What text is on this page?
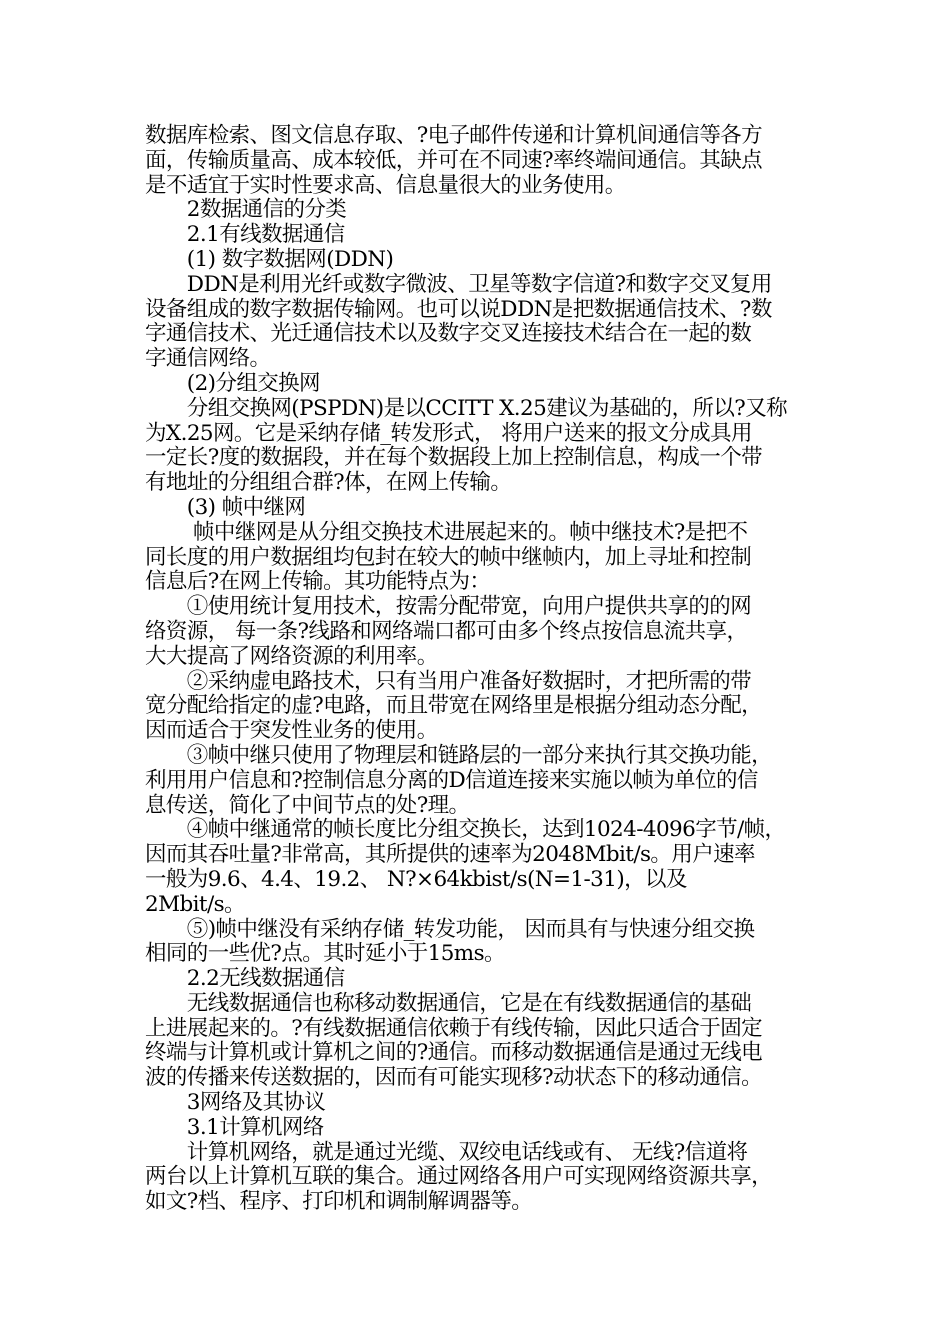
数据库检索、图文信息存取、?电子邮件传递和计算机间通信等各方
面，传输质量高、成本较低，并可在不同速?率终端间通信。其缺点
是不适宜于实时性要求高、信息量很大的业务使用。
　　2数据通信的分类
　　2.1有线数据通信
　　(1) 数字数据网(DDN)
　　DDN是利用光纤或数字微波、卫星等数字信道?和数字交叉复用
设备组成的数字数据传输网。也可以说DDN是把数据通信技术、?数
字通信技术、光迁通信技术以及数字交叉连接技术结合在一起的数
字通信网络。
　　(2)分组交换网
　　分组交换网(PSPDN)是以CCITT X.25建议为基础的，所以?又称
为X.25网。它是采纳存储_转发形式， 将用户送来的报文分成具用
一定长?度的数据段，并在每个数据段上加上控制信息，构成一个带
有地址的分组组合群?体，在网上传输。
　　(3) 帧中继网
　　 帧中继网是从分组交换技术进展起来的。帧中继技术?是把不
同长度的用户数据组均包封在较大的帧中继帧内，加上寻址和控制
信息后?在网上传输。其功能特点为：
　　①使用统计复用技术，按需分配带宽，向用户提供共享的的网
络资源， 每一条?线路和网络端口都可由多个终点按信息流共享，
大大提高了网络资源的利用率。
　　②采纳虚电路技术，只有当用户准备好数据时，才把所需的带
宽分配给指定的虚?电路，而且带宽在网络里是根据分组动态分配，
因而适合于突发性业务的使用。
　　③帧中继只使用了物理层和链路层的一部分来执行其交换功能，
利用用户信息和?控制信息分离的D信道连接来实施以帧为单位的信
息传送，简化了中间节点的处?理。
　　④帧中继通常的帧长度比分组交换长，达到1024-4096字节/帧，
因而其吞吐量?非常高，其所提供的速率为2048Mbit/s。用户速率
一般为9.6、4.4、19.2、 N?×64kbist/s(N=1-31)，以及
2Mbit/s。
　　⑤)帧中继没有采纳存储_转发功能， 因而具有与快速分组交换
相同的一些优?点。其时延小于15ms。
　　2.2无线数据通信
　　无线数据通信也称移动数据通信，它是在有线数据通信的基础
上进展起来的。?有线数据通信依赖于有线传输，因此只适合于固定
终端与计算机或计算机之间的?通信。而移动数据通信是通过无线电
波的传播来传送数据的，因而有可能实现移?动状态下的移动通信。
　　3网络及其协议
　　3.1计算机网络
　　计算机网络，就是通过光缆、双绞电话线或有、 无线?信道将
两台以上计算机互联的集合。通过网络各用户可实现网络资源共享，
如文?档、程序、打印机和调制解调器等。
